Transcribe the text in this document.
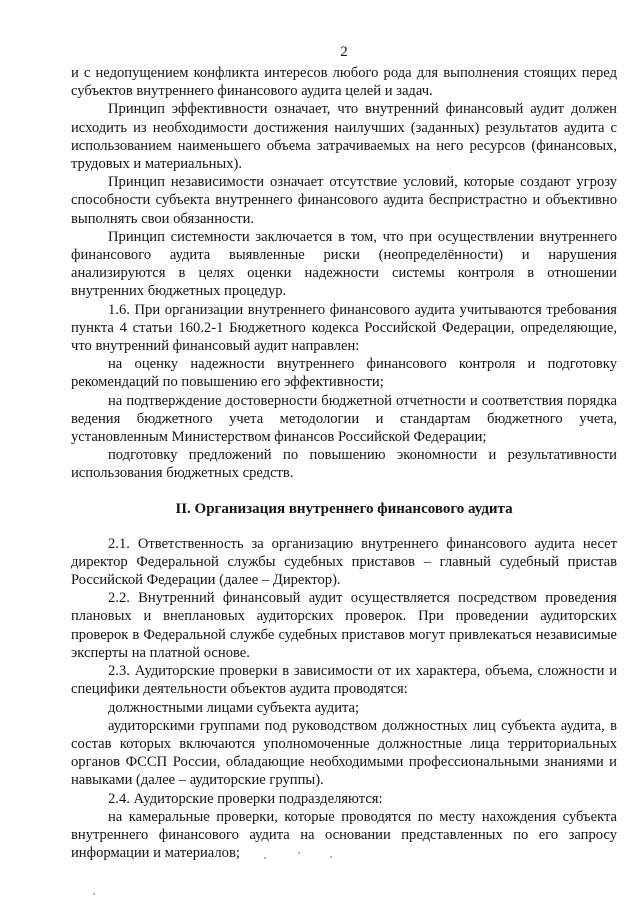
2

и с недопущением конфликта интересов любого рода для выполнения стоящих перед субъектов внутреннего финансового аудита целей и задач.

Принцип эффективности означает, что внутренний финансовый аудит должен исходить из необходимости достижения наилучших (заданных) результатов аудита с использованием наименьшего объема затрачиваемых на него ресурсов (финансовых, трудовых и материальных).

Принцип независимости означает отсутствие условий, которые создают угрозу способности субъекта внутреннего финансового аудита беспристрастно и объективно выполнять свои обязанности.

Принцип системности заключается в том, что при осуществлении внутреннего финансового аудита выявленные риски (неопределённости) и нарушения анализируются в целях оценки надежности системы контроля в отношении внутренних бюджетных процедур.

1.6. При организации внутреннего финансового аудита учитываются требования пункта 4 статьи 160.2-1 Бюджетного кодекса Российской Федерации, определяющие, что внутренний финансовый аудит направлен:

на оценку надежности внутреннего финансового контроля и подготовку рекомендаций по повышению его эффективности;

на подтверждение достоверности бюджетной отчетности и соответствия порядка ведения бюджетного учета методологии и стандартам бюджетного учета, установленным Министерством финансов Российской Федерации;

подготовку предложений по повышению экономности и результативности использования бюджетных средств.

II. Организация внутреннего финансового аудита

2.1. Ответственность за организацию внутреннего финансового аудита несет директор Федеральной службы судебных приставов – главный судебный пристав Российской Федерации (далее – Директор).

2.2. Внутренний финансовый аудит осуществляется посредством проведения плановых и внеплановых аудиторских проверок. При проведении аудиторских проверок в Федеральной службе судебных приставов могут привлекаться независимые эксперты на платной основе.

2.3. Аудиторские проверки в зависимости от их характера, объема, сложности и специфики деятельности объектов аудита проводятся:

должностными лицами субъекта аудита;

аудиторскими группами под руководством должностных лиц субъекта аудита, в состав которых включаются уполномоченные должностные лица территориальных органов ФССП России, обладающие необходимыми профессиональными знаниями и навыками (далее – аудиторские группы).

2.4. Аудиторские проверки подразделяются:

на камеральные проверки, которые проводятся по месту нахождения субъекта внутреннего финансового аудита на основании представленных по его запросу информации и материалов;
